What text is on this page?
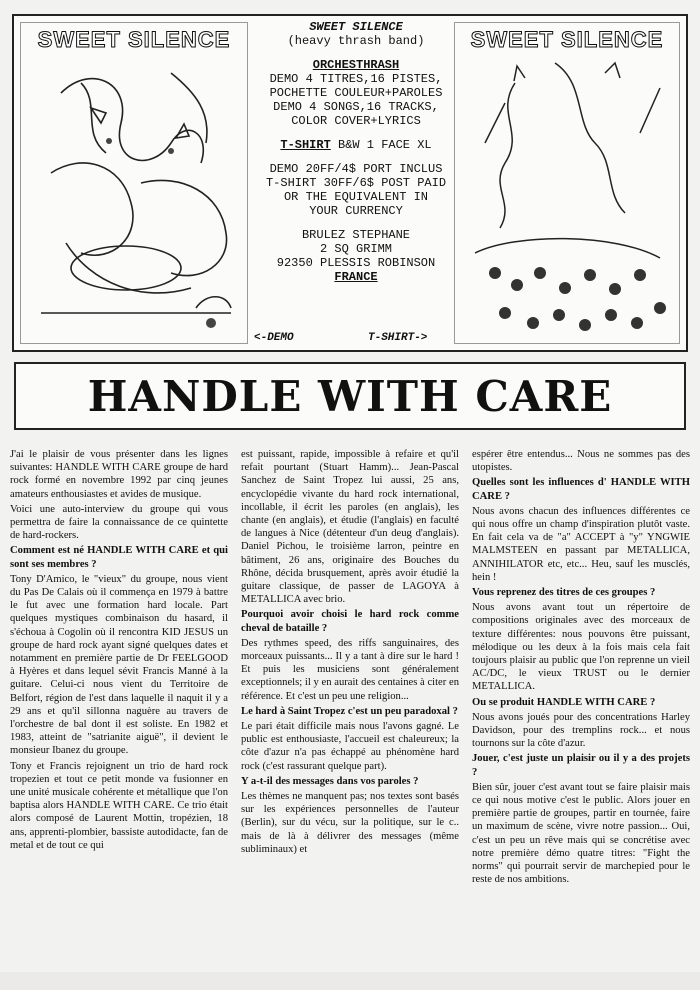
SWEET SILENCE	SWEET SILENCE
(heavy thrash band)
ORCHESTHRASH
DEMO 4 TITRES,16 PISTES,
POCHETTE COULEUR+PAROLES
DEMO 4 SONGS,16 TRACKS,
COLOR COVER+LYRICS
T-SHIRT B&W 1 FACE XL
DEMO 20FF/4$ PORT INCLUS
T-SHIRT 30FF/6$ POST PAID
OR THE EQUIVALENT IN
YOUR CURRENCY
BRULEZ STEPHANE
2 SQ GRIMM
92350 PLESSIS ROBINSON
FRANCE
<-DEMO	T-SHIRT->
SWEET SILENCE
HANDLE WITH CARE

J'ai le plaisir de vous présenter dans les lignes suivantes: HANDLE WITH CARE groupe de hard rock formé en novembre 1992 par cinq jeunes amateurs enthousiastes et avides de musique.

Voici une auto-interview du groupe qui vous permettra de faire la connaissance de ce quintette de hard-rockers.

Comment est né HANDLE WITH CARE et qui sont ses membres ?

Tony D'Amico, le "vieux" du groupe, nous vient du Pas De Calais où il commença en 1979 à battre le fut avec une formation hard locale. Part quelques mystiques combinaison du hasard, il s'échoua à Cogolin où il rencontra KID JESUS un groupe de hard rock ayant signé quelques dates et notamment en première partie de Dr FEELGOOD à Hyères et dans lequel sévit Francis Manné à la guitare. Celui-ci nous vient du Territoire de Belfort, région de l'est dans laquelle il naquit il y a 29 ans et qu'il sillonna naguère au travers de l'orchestre de bal dont il est soliste. En 1982 et 1983, atteint de "satrianite aiguë", il devient le monsieur Ibanez du groupe.

Tony et Francis rejoignent un trio de hard rock tropezien et tout ce petit monde va fusionner en une unité musicale cohérente et métallique que l'on baptisa alors HANDLE WITH CARE. Ce trio était alors composé de Laurent Mottin, tropézien, 18 ans, apprenti-plombier, bassiste autodidacte, fan de metal et de tout ce qui

est puissant, rapide, impossible à refaire et qu'il refait pourtant (Stuart Hamm)... Jean-Pascal Sanchez de Saint Tropez lui aussi, 25 ans, encyclopédie vivante du hard rock international, incollable, il écrit les paroles (en anglais), les chante (en anglais), et étudie (l'anglais) en faculté de langues à Nice (détenteur d'un deug d'anglais). Daniel Pichou, le troisième larron, peintre en bâtiment, 26 ans, originaire des Bouches du Rhône, décida brusquement, après avoir étudié la guitare classique, de passer de LAGOYA à METALLICA avec brio.

Pourquoi avoir choisi le hard rock comme cheval de bataille ?

Des rythmes speed, des riffs sanguinaires, des morceaux puissants... Il y a tant à dire sur le hard ! Et puis les musiciens sont généralement exceptionnels; il y en aurait des centaines à citer en référence. Et c'est un peu une religion...

Le hard à Saint Tropez c'est un peu paradoxal ?

Le pari était difficile mais nous l'avons gagné. Le public est enthousiaste, l'accueil est chaleureux; la côte d'azur n'a pas échappé au phénomène hard rock (c'est rassurant quelque part).

Y a-t-il des messages dans vos paroles ?

Les thèmes ne manquent pas; nos textes sont basés sur les expériences personnelles de l'auteur (Berlin), sur du vécu, sur la politique, sur le c.. mais de là à délivrer des messages (même subliminaux) et

espérer être entendus... Nous ne sommes pas des utopistes.

Quelles sont les influences d' HANDLE WITH CARE ?

Nous avons chacun des influences différentes ce qui nous offre un champ d'inspiration plutôt vaste. En fait cela va de "a" ACCEPT à "y" YNGWIE MALMSTEEN en passant par METALLICA, ANNIHILATOR etc, etc... Heu, sauf les musclés, hein !

Vous reprenez des titres de ces groupes ?

Nous avons avant tout un répertoire de compositions originales avec des morceaux de texture différentes: nous pouvons être puissant, mélodique ou les deux à la fois mais cela fait toujours plaisir au public que l'on reprenne un vieil AC/DC, le vieux TRUST ou le dernier METALLICA.

Ou se produit HANDLE WITH CARE ?

Nous avons joués pour des concentrations Harley Davidson, pour des tremplins rock... et nous tournons sur la côte d'azur.

Jouer, c'est juste un plaisir ou il y a des projets ?

Bien sûr, jouer c'est avant tout se faire plaisir mais ce qui nous motive c'est le public. Alors jouer en première partie de groupes, partir en tournée, faire un maximum de scène, vivre notre passion... Oui, c'est un peu un rêve mais qui se concrétise avec notre première démo quatre titres: "Fight the norms" qui pourrait servir de marchepied pour le reste de nos ambitions.
